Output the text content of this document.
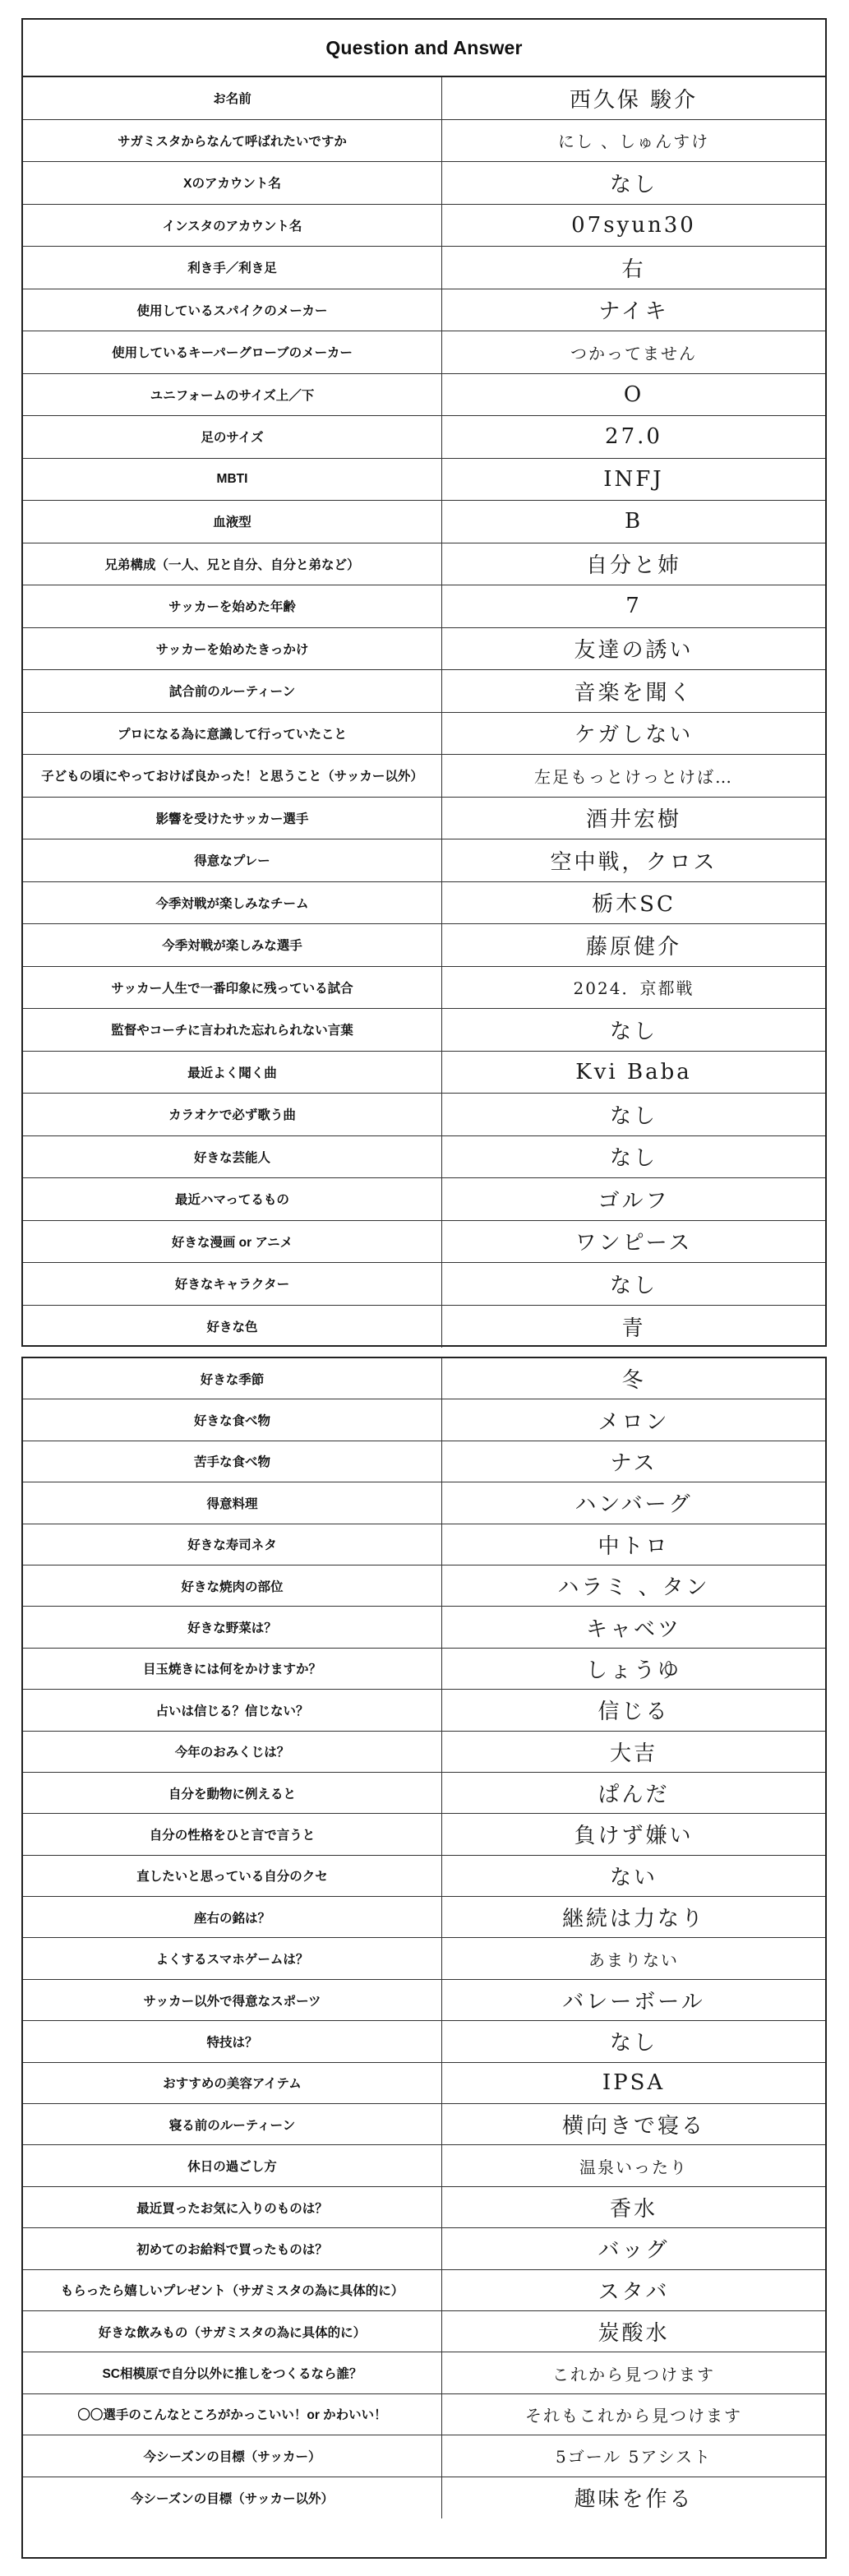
Question and Answer
お名前	西久保 駿介
サガミスタからなんて呼ばれたいですか	にし 、しゅんすけ
Xのアカウント名	なし
インスタのアカウント名	07syun30
利き手／利き足	右
使用しているスパイクのメーカー	ナイキ
使用しているキーパーグローブのメーカー	つかってません
ユニフォームのサイズ上／下	O
足のサイズ	27.0
MBTI	INFJ
血液型	B
兄弟構成（一人、兄と自分、自分と弟など）	自分と姉
サッカーを始めた年齢	7
サッカーを始めたきっかけ	友達の誘い
試合前のルーティーン	音楽を聞く
プロになる為に意識して行っていたこと	ケガしない
子どもの頃にやっておけば良かった！と思うこと（サッカー以外）	左足もっとけっとけば…
影響を受けたサッカー選手	酒井宏樹
得意なプレー	空中戦，クロス
今季対戦が楽しみなチーム	栃木SC
今季対戦が楽しみな選手	藤原健介
サッカー人生で一番印象に残っている試合	2024．京都戦
監督やコーチに言われた忘れられない言葉	なし
最近よく聞く曲	Kvi Baba
カラオケで必ず歌う曲	なし
好きな芸能人	なし
最近ハマってるもの	ゴルフ
好きな漫画 or アニメ	ワンピース
好きなキャラクター	なし
好きな色	青
好きな季節	冬
好きな食べ物	メロン
苦手な食べ物	ナス
得意料理	ハンバーグ
好きな寿司ネタ	中トロ
好きな焼肉の部位	ハラミ 、タン
好きな野菜は？	キャベツ
目玉焼きには何をかけますか？	しょうゆ
占いは信じる？信じない？	信じる
今年のおみくじは？	大吉
自分を動物に例えると	ぱんだ
自分の性格をひと言で言うと	負けず嫌い
直したいと思っている自分のクセ	ない
座右の銘は？	継続は力なり
よくするスマホゲームは？	あまりない
サッカー以外で得意なスポーツ	バレーボール
特技は？	なし
おすすめの美容アイテム	IPSA
寝る前のルーティーン	横向きで寝る
休日の過ごし方	温泉いったり
最近買ったお気に入りのものは？	香水
初めてのお給料で買ったものは？	バッグ
もらったら嬉しいプレゼント（サガミスタの為に具体的に）	スタバ
好きな飲みもの（サガミスタの為に具体的に）	炭酸水
SC相模原で自分以外に推しをつくるなら誰？	これから見つけます
〇〇選手のこんなところがかっこいい！or かわいい！	それもこれから見つけます
今シーズンの目標（サッカー）	5ゴール 5アシスト
今シーズンの目標（サッカー以外）	趣味を作る
